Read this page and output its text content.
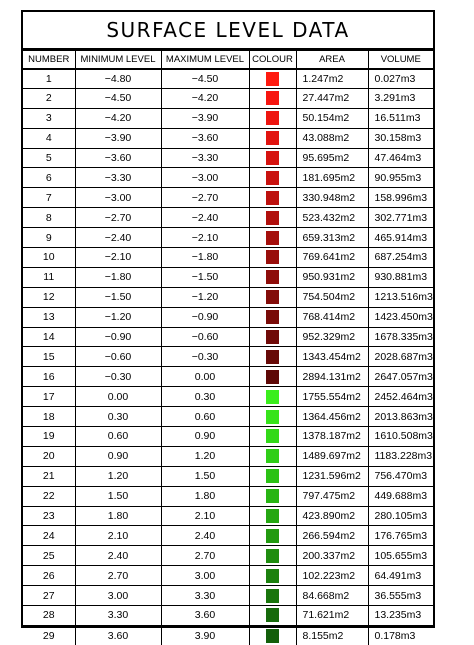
SURFACE LEVEL DATA
NUMBER	MINIMUM LEVEL	MAXIMUM LEVEL	COLOUR	AREA	VOLUME
1	−4.80	−4.50		1.247m2	0.027m3
2	−4.50	−4.20		27.447m2	3.291m3
3	−4.20	−3.90		50.154m2	16.511m3
4	−3.90	−3.60		43.088m2	30.158m3
5	−3.60	−3.30		95.695m2	47.464m3
6	−3.30	−3.00		181.695m2	90.955m3
7	−3.00	−2.70		330.948m2	158.996m3
8	−2.70	−2.40		523.432m2	302.771m3
9	−2.40	−2.10		659.313m2	465.914m3
10	−2.10	−1.80		769.641m2	687.254m3
11	−1.80	−1.50		950.931m2	930.881m3
12	−1.50	−1.20		754.504m2	1213.516m3
13	−1.20	−0.90		768.414m2	1423.450m3
14	−0.90	−0.60		952.329m2	1678.335m3
15	−0.60	−0.30		1343.454m2	2028.687m3
16	−0.30	0.00		2894.131m2	2647.057m3
17	0.00	0.30		1755.554m2	2452.464m3
18	0.30	0.60		1364.456m2	2013.863m3
19	0.60	0.90		1378.187m2	1610.508m3
20	0.90	1.20		1489.697m2	1183.228m3
21	1.20	1.50		1231.596m2	756.470m3
22	1.50	1.80		797.475m2	449.688m3
23	1.80	2.10		423.890m2	280.105m3
24	2.10	2.40		266.594m2	176.765m3
25	2.40	2.70		200.337m2	105.655m3
26	2.70	3.00		102.223m2	64.491m3
27	3.00	3.30		84.668m2	36.555m3
28	3.30	3.60		71.621m2	13.235m3
29	3.60	3.90		8.155m2	0.178m3
